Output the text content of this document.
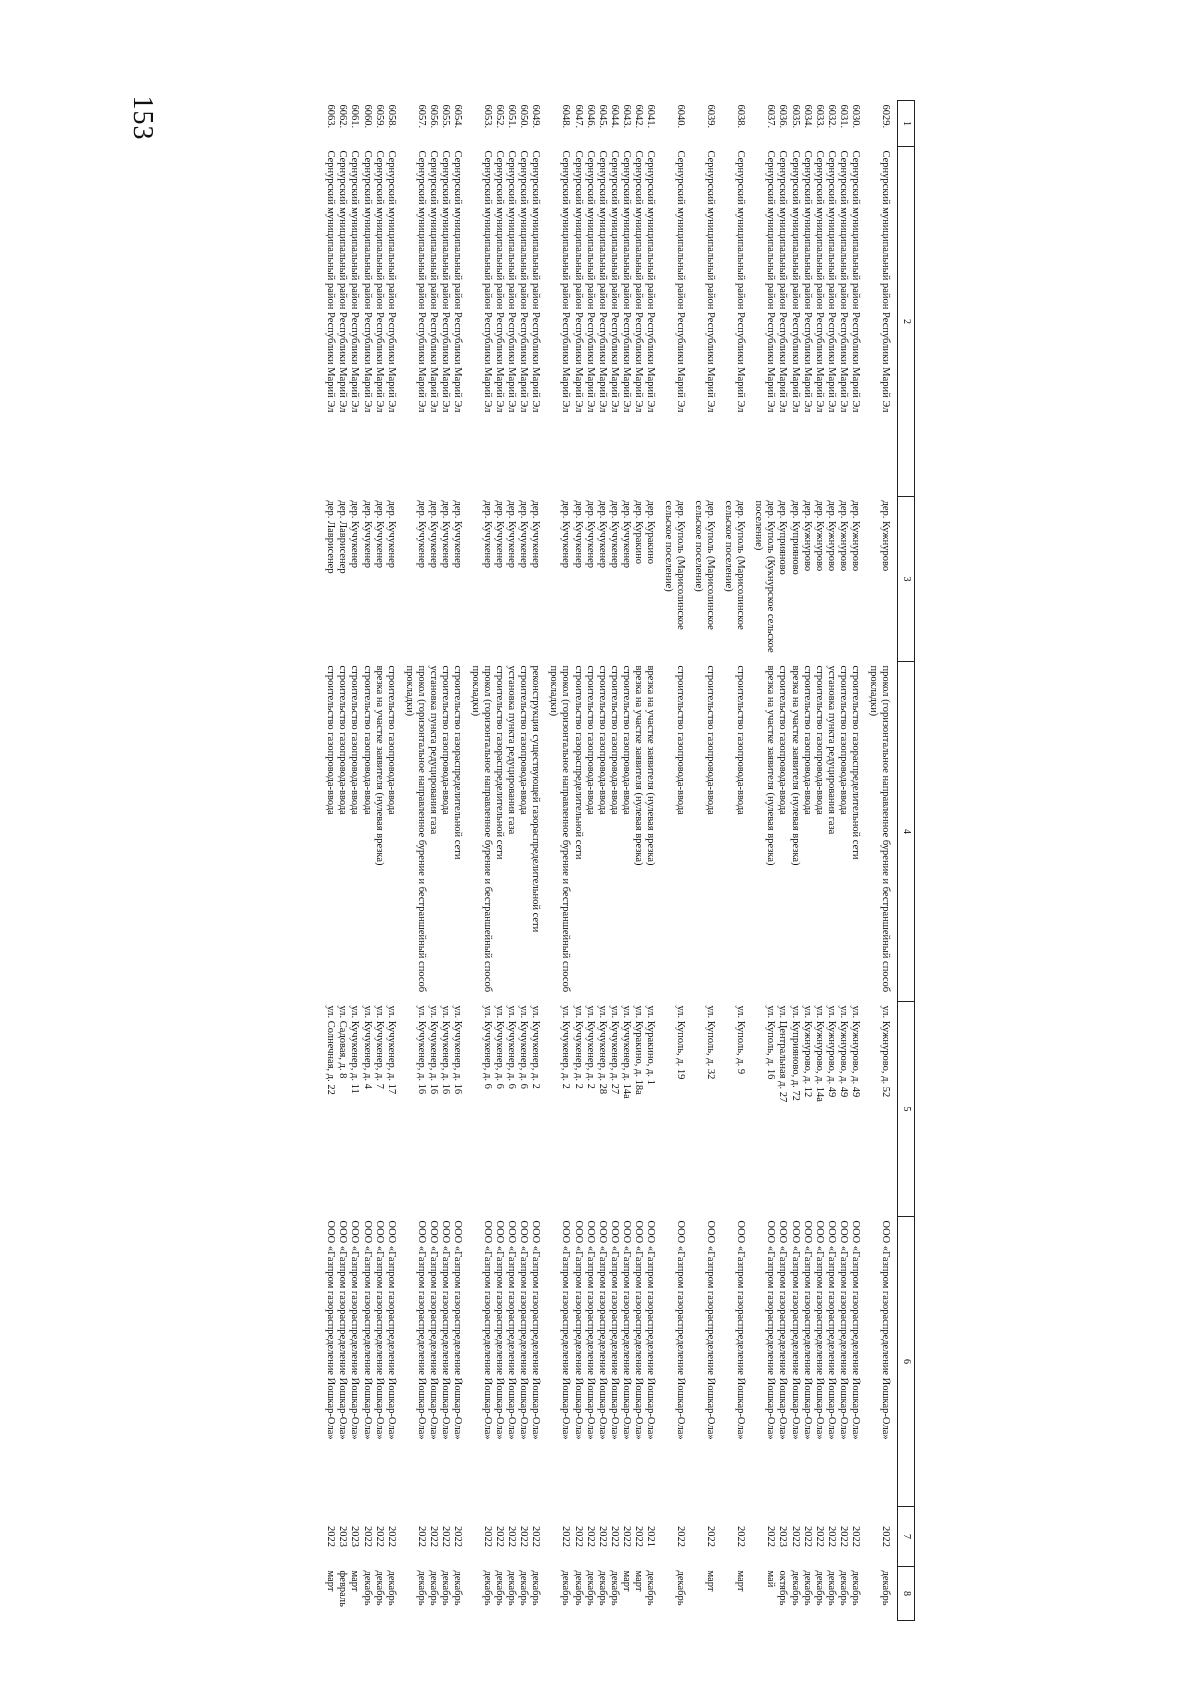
153	1	2	3	4	5	6	7	8

6029.	Сернурский муниципальный район Республики Марий Эл	дер. Кужнурово	прокол (горизонтальное направленное бурение и бестраншейный способ прокладки)	ул. Кужнурово, д. 52	ООО «Газпром газораспределение Йошкар-Ола»	2022	декабрь

6030.	Сернурский муниципальный район Республики Марий Эл	дер. Кужнурово	строительство газораспределительной сети	ул. Кужнурово, д. 49	ООО «Газпром газораспределение Йошкар-Ола»	2022	декабрь
6031.	Сернурский муниципальный район Республики Марий Эл	дер. Кужнурово	строительство газопровода-ввода	ул. Кужнурово, д. 49	ООО «Газпром газораспределение Йошкар-Ола»	2022	декабрь
6032.	Сернурский муниципальный район Республики Марий Эл	дер. Кужнурово	установка пункта редуцирования газа	ул. Кужнурово, д. 49	ООО «Газпром газораспределение Йошкар-Ола»	2022	декабрь
6033.	Сернурский муниципальный район Республики Марий Эл	дер. Кужнурово	строительство газопровода-ввода	ул. Кужнурово, д. 14а	ООО «Газпром газораспределение Йошкар-Ола»	2022	декабрь
6034.	Сернурский муниципальный район Республики Марий Эл	дер. Кужнурово	строительство газопровода-ввода	ул. Кужнурово, д. 12	ООО «Газпром газораспределение Йошкар-Ола»	2022	декабрь
6035.	Сернурский муниципальный район Республики Марий Эл	дер. Куприяново	врезка на участке заявителя (нулевая врезка)	ул. Куприяново, д. 72	ООО «Газпром газораспределение Йошкар-Ола»	2022	декабрь
6036.	Сернурский муниципальный район Республики Марий Эл	дер. Куприяново	строительство газопровода-ввода	ул. Центральная д. 27	ООО «Газпром газораспределение Йошкар-Ола»	2023	октябрь
6037.	Сернурский муниципальный район Республики Марий Эл	дер. Куполь (Кукнурское сельское поселение)	врезка на участке заявителя (нулевая врезка)	ул. Куполь, д. 16	ООО «Газпром газораспределение Йошкар-Ола»	2022	май

6038.	Сернурский муниципальный район Республики Марий Эл	дер. Куполь (Марисолинское сельское поселение)	строительство газопровода-ввода	ул. Куполь, д. 9	ООО «Газпром газораспределение Йошкар-Ола»	2022	март

6039.	Сернурский муниципальный район Республики Марий Эл	дер. Куполь (Марисолинское сельское поселение)	строительство газопровода-ввода	ул. Куполь, д. 32	ООО «Газпром газораспределение Йошкар-Ола»	2022	март

6040.	Сернурский муниципальный район Республики Марий Эл	дер. Куполь (Марисолинское сельское поселение)	строительство газопровода-ввода	ул. Куполь, д. 19	ООО «Газпром газораспределение Йошкар-Ола»	2022	декабрь

6041.	Сернурский муниципальный район Республики Марий Эл	дер. Куракино	врезка на участке заявителя (нулевая врезка)	ул. Куракино, д. 1	ООО «Газпром газораспределение Йошкар-Ола»	2021	декабрь
6042.	Сернурский муниципальный район Республики Марий Эл	дер. Куракино	врезка на участке заявителя (нулевая врезка)	ул. Куракино, д. 18а	ООО «Газпром газораспределение Йошкар-Ола»	2022	март
6043.	Сернурский муниципальный район Республики Марий Эл	дер. Кучукенер	строительство газопровода-ввода	ул. Кучукенер, д. 14а	ООО «Газпром газораспределение Йошкар-Ола»	2022	март
6044.	Сернурский муниципальный район Республики Марий Эл	дер. Кучукенер	строительство газопровода-ввода	ул. Кучукенер, д. 27	ООО «Газпром газораспределение Йошкар-Ола»	2022	декабрь
6045.	Сернурский муниципальный район Республики Марий Эл	дер. Кучукенер	строительство газопровода-ввода	ул. Кучукенер, д. 28	ООО «Газпром газораспределение Йошкар-Ола»	2022	декабрь
6046.	Сернурский муниципальный район Республики Марий Эл	дер. Кучукенер	строительство газопровода-ввода	ул. Кучукенер, д. 2	ООО «Газпром газораспределение Йошкар-Ола»	2022	декабрь
6047.	Сернурский муниципальный район Республики Марий Эл	дер. Кучукенер	строительство газораспределительной сети	ул. Кучукенер, д. 2	ООО «Газпром газораспределение Йошкар-Ола»	2022	декабрь
6048.	Сернурский муниципальный район Республики Марий Эл	дер. Кучукенер	прокол (горизонтальное направленное бурение и бестраншейный способ прокладки)	ул. Кучукенер, д. 2	ООО «Газпром газораспределение Йошкар-Ола»	2022	декабрь

6049.	Сернурский муниципальный район Республики Марий Эл	дер. Кучукенер	реконструкция существующей газораспределительной сети	ул. Кучукенер, д. 2	ООО «Газпром газораспределение Йошкар-Ола»	2022	декабрь
6050.	Сернурский муниципальный район Республики Марий Эл	дер. Кучукенер	строительство газопровода-ввода	ул. Кучукенер, д. 6	ООО «Газпром газораспределение Йошкар-Ола»	2022	декабрь
6051.	Сернурский муниципальный район Республики Марий Эл	дер. Кучукенер	установка пункта редуцирования газа	ул. Кучукенер, д. 6	ООО «Газпром газораспределение Йошкар-Ола»	2022	декабрь
6052.	Сернурский муниципальный район Республики Марий Эл	дер. Кучукенер	строительство газораспределительной сети	ул. Кучукенер, д. 6	ООО «Газпром газораспределение Йошкар-Ола»	2022	декабрь
6053.	Сернурский муниципальный район Республики Марий Эл	дер. Кучукенер	прокол (горизонтальное направленное бурение и бестраншейный способ прокладки)	ул. Кучукенер, д. 6	ООО «Газпром газораспределение Йошкар-Ола»	2022	декабрь

6054.	Сернурский муниципальный район Республики Марий Эл	дер. Кучукенер	строительство газораспределительной сети	ул. Кучукенер, д. 16	ООО «Газпром газораспределение Йошкар-Ола»	2022	декабрь
6055.	Сернурский муниципальный район Республики Марий Эл	дер. Кучукенер	строительство газопровода-ввода	ул. Кучукенер, д. 16	ООО «Газпром газораспределение Йошкар-Ола»	2022	декабрь
6056.	Сернурский муниципальный район Республики Марий Эл	дер. Кучукенер	установка пункта редуцирования газа	ул. Кучукенер, д. 16	ООО «Газпром газораспределение Йошкар-Ола»	2022	декабрь
6057.	Сернурский муниципальный район Республики Марий Эл	дер. Кучукенер	прокол (горизонтальное направленное бурение и бестраншейный способ прокладки)	ул. Кучукенер, д. 16	ООО «Газпром газораспределение Йошкар-Ола»	2022	декабрь

6058.	Сернурский муниципальный район Республики Марий Эл	дер. Кучукенер	строительство газопровода-ввода	ул. Кучукенер, д. 17	ООО «Газпром газораспределение Йошкар-Ола»	2022	декабрь
6059.	Сернурский муниципальный район Республики Марий Эл	дер. Кучукенер	врезка на участке заявителя (нулевая врезка)	ул. Кучукенер, д. 7	ООО «Газпром газораспределение Йошкар-Ола»	2022	декабрь
6060.	Сернурский муниципальный район Республики Марий Эл	дер. Кучукенер	строительство газопровода-ввода	ул. Кучукенер, д. 4	ООО «Газпром газораспределение Йошкар-Ола»	2022	декабрь
6061.	Сернурский муниципальный район Республики Марий Эл	дер. Кучукенер	строительство газопровода-ввода	ул. Кучукенер, д. 11	ООО «Газпром газораспределение Йошкар-Ола»	2023	март
6062.	Сернурский муниципальный район Республики Марий Эл	дер. Лаврисенер	строительство газопровода-ввода	ул. Садовая, д. 8	ООО «Газпром газораспределение Йошкар-Ола»	2023	февраль
6063.	Сернурский муниципальный район Республики Марий Эл	дер. Лаврисенер	строительство газопровода-ввода	ул. Солнечная, д. 22	ООО «Газпром газораспределение Йошкар-Ола»	2022	март
